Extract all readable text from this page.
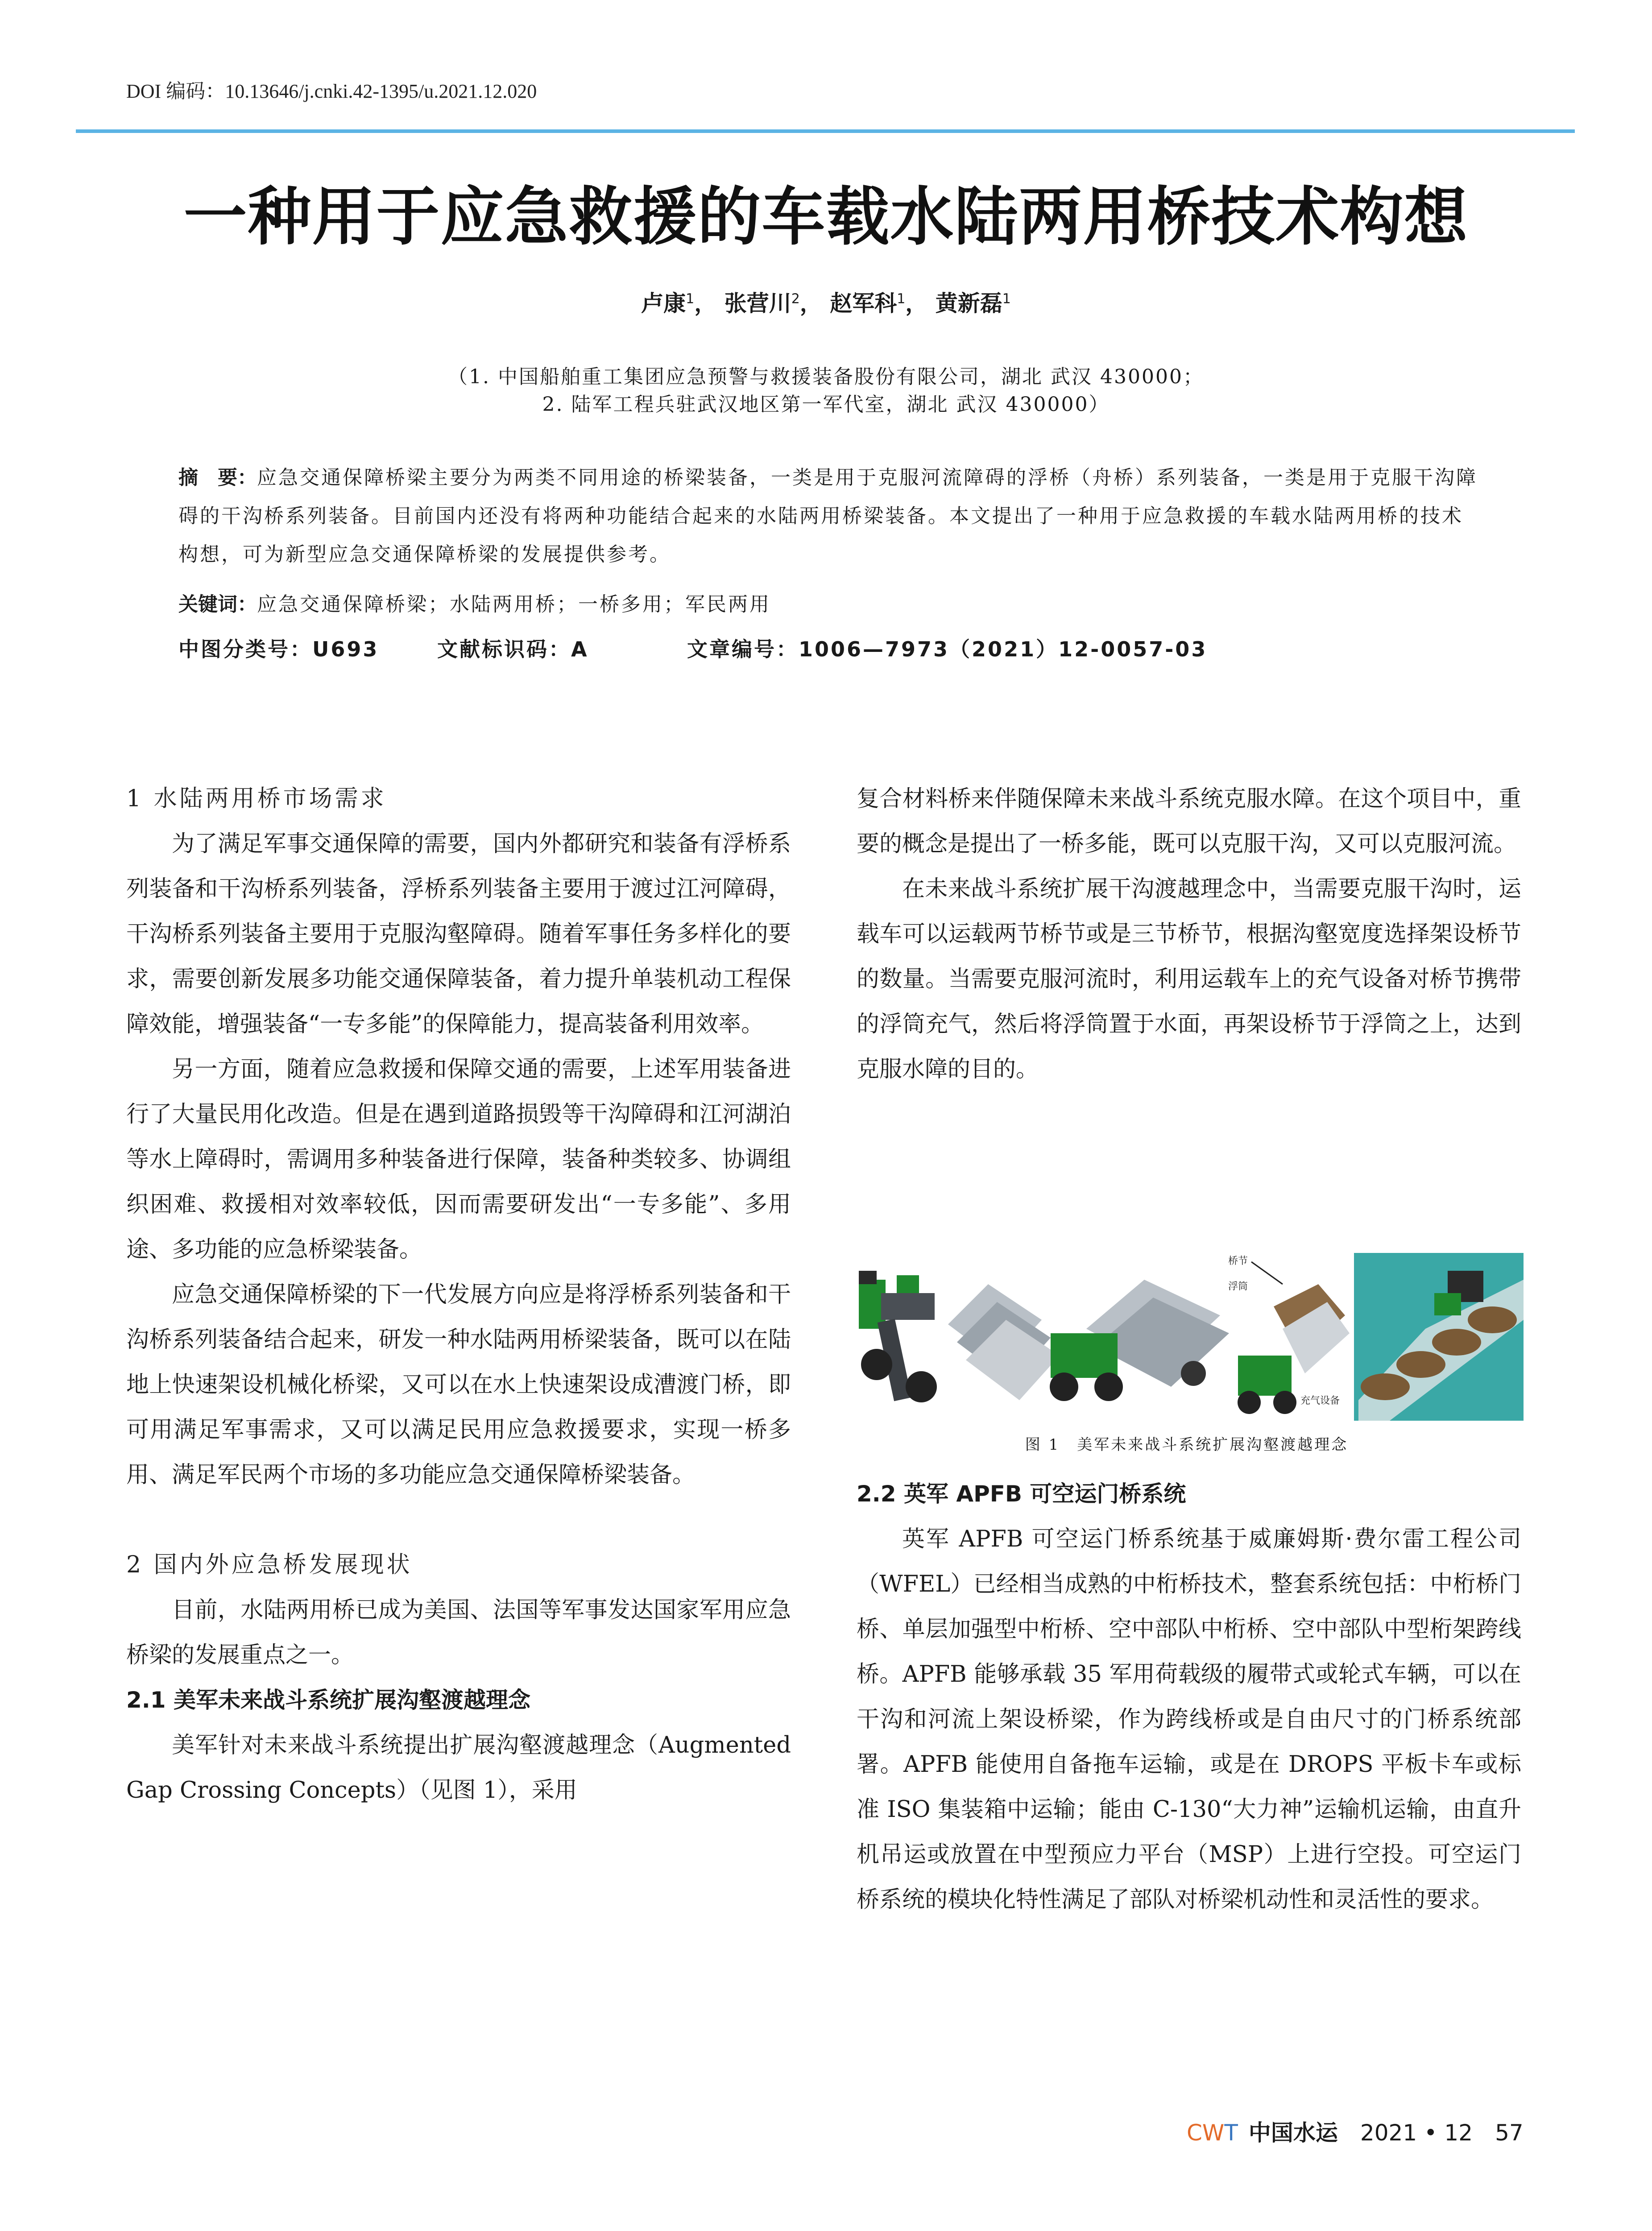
DOI 编码：10.13646/j.cnki.42-1395/u.2021.12.020
一种用于应急救援的车载水陆两用桥技术构想
卢康$^1$， 张营川$^2$， 赵军科$^1$， 黄新磊$^1$
（1. 中国船舶重工集团应急预警与救援装备股份有限公司，湖北 武汉 430000；
2. 陆军工程兵驻武汉地区第一军代室，湖北 武汉 430000）
摘　要：应急交通保障桥梁主要分为两类不同用途的桥梁装备，一类是用于克服河流障碍的浮桥（舟桥）系列装备，一类是用于克服干沟障碍的干沟桥系列装备。目前国内还没有将两种功能结合起来的水陆两用桥梁装备。本文提出了一种用于应急救援的车载水陆两用桥的技术构想，可为新型应急交通保障桥梁的发展提供参考。
关键词：应急交通保障桥梁；水陆两用桥；一桥多用；军民两用
中图分类号：U693	文献标识码：A	文章编号：1006—7973（2021）12-0057-03
1 水陆两用桥市场需求

为了满足军事交通保障的需要，国内外都研究和装备有浮桥系列装备和干沟桥系列装备，浮桥系列装备主要用于渡过江河障碍，干沟桥系列装备主要用于克服沟壑障碍。随着军事任务多样化的要求，需要创新发展多功能交通保障装备，着力提升单装机动工程保障效能，增强装备“一专多能”的保障能力，提高装备利用效率。

另一方面，随着应急救援和保障交通的需要，上述军用装备进行了大量民用化改造。但是在遇到道路损毁等干沟障碍和江河湖泊等水上障碍时，需调用多种装备进行保障，装备种类较多、协调组织困难、救援相对效率较低，因而需要研发出“一专多能”、多用途、多功能的应急桥梁装备。

应急交通保障桥梁的下一代发展方向应是将浮桥系列装备和干沟桥系列装备结合起来，研发一种水陆两用桥梁装备，既可以在陆地上快速架设机械化桥梁，又可以在水上快速架设成漕渡门桥，即可用满足军事需求，又可以满足民用应急救援要求，实现一桥多用、满足军民两个市场的多功能应急交通保障桥梁装备。

2 国内外应急桥发展现状

目前，水陆两用桥已成为美国、法国等军事发达国家军用应急桥梁的发展重点之一。

2.1 美军未来战斗系统扩展沟壑渡越理念

美军针对未来战斗系统提出扩展沟壑渡越理念（Augmented Gap Crossing Concepts）（见图 1），采用

复合材料桥来伴随保障未来战斗系统克服水障。在这个项目中，重要的概念是提出了一桥多能，既可以克服干沟，又可以克服河流。

在未来战斗系统扩展干沟渡越理念中，当需要克服干沟时，运载车可以运载两节桥节或是三节桥节，根据沟壑宽度选择架设桥节的数量。当需要克服河流时，利用运载车上的充气设备对桥节携带的浮筒充气，然后将浮筒置于水面，再架设桥节于浮筒之上，达到克服水障的目的。

桥节
浮筒
充气设备
图 1　美军未来战斗系统扩展沟壑渡越理念
2.2 英军 APFB 可空运门桥系统

英军 APFB 可空运门桥系统基于威廉姆斯·费尔雷工程公司（WFEL）已经相当成熟的中桁桥技术，整套系统包括：中桁桥门桥、单层加强型中桁桥、空中部队中桁桥、空中部队中型桁架跨线桥。APFB 能够承载 35 军用荷载级的履带式或轮式车辆，可以在干沟和河流上架设桥梁，作为跨线桥或是自由尺寸的门桥系统部署。APFB 能使用自备拖车运输，或是在 DROPS 平板卡车或标准 ISO 集装箱中运输；能由 C-130“大力神”运输机运输，由直升机吊运或放置在中型预应力平台（MSP）上进行空投。可空运门桥系统的模块化特性满足了部队对桥梁机动性和灵活性的要求。

CWT 中国水运 2021 • 12 57
